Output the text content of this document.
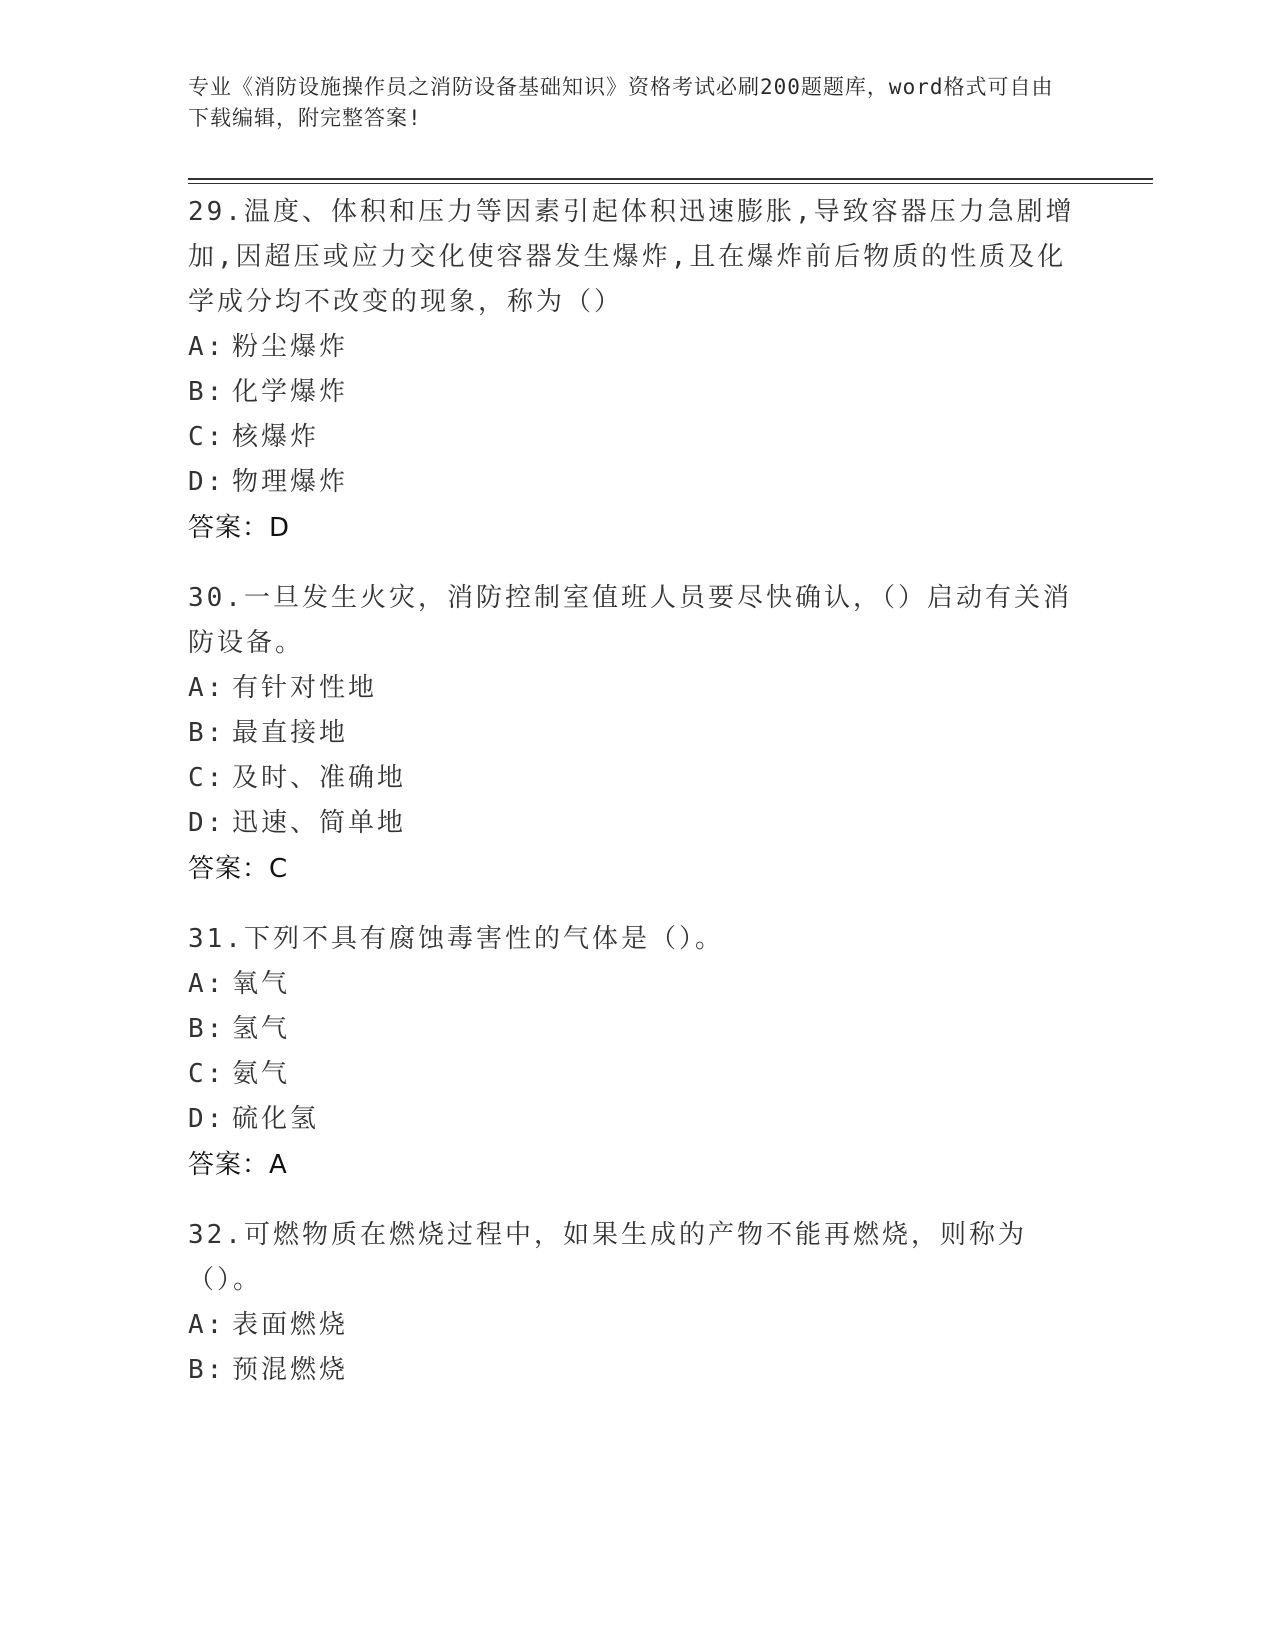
专业《消防设施操作员之消防设备基础知识》资格考试必刷200题题库，word格式可自由下载编辑，附完整答案!
29.温度、体积和压力等因素引起体积迅速膨胀,导致容器压力急剧增加,因超压或应力交化使容器发生爆炸,且在爆炸前后物质的性质及化学成分均不改变的现象，称为（）
A: 粉尘爆炸
B: 化学爆炸
C: 核爆炸
D: 物理爆炸
答案：D
30.一旦发生火灾，消防控制室值班人员要尽快确认，（）启动有关消防设备。
A: 有针对性地
B: 最直接地
C: 及时、准确地
D: 迅速、简单地
答案：C
31.下列不具有腐蚀毒害性的气体是（）。
A: 氧气
B: 氢气
C: 氨气
D: 硫化氢
答案：A
32.可燃物质在燃烧过程中，如果生成的产物不能再燃烧，则称为（）。
A: 表面燃烧
B: 预混燃烧
